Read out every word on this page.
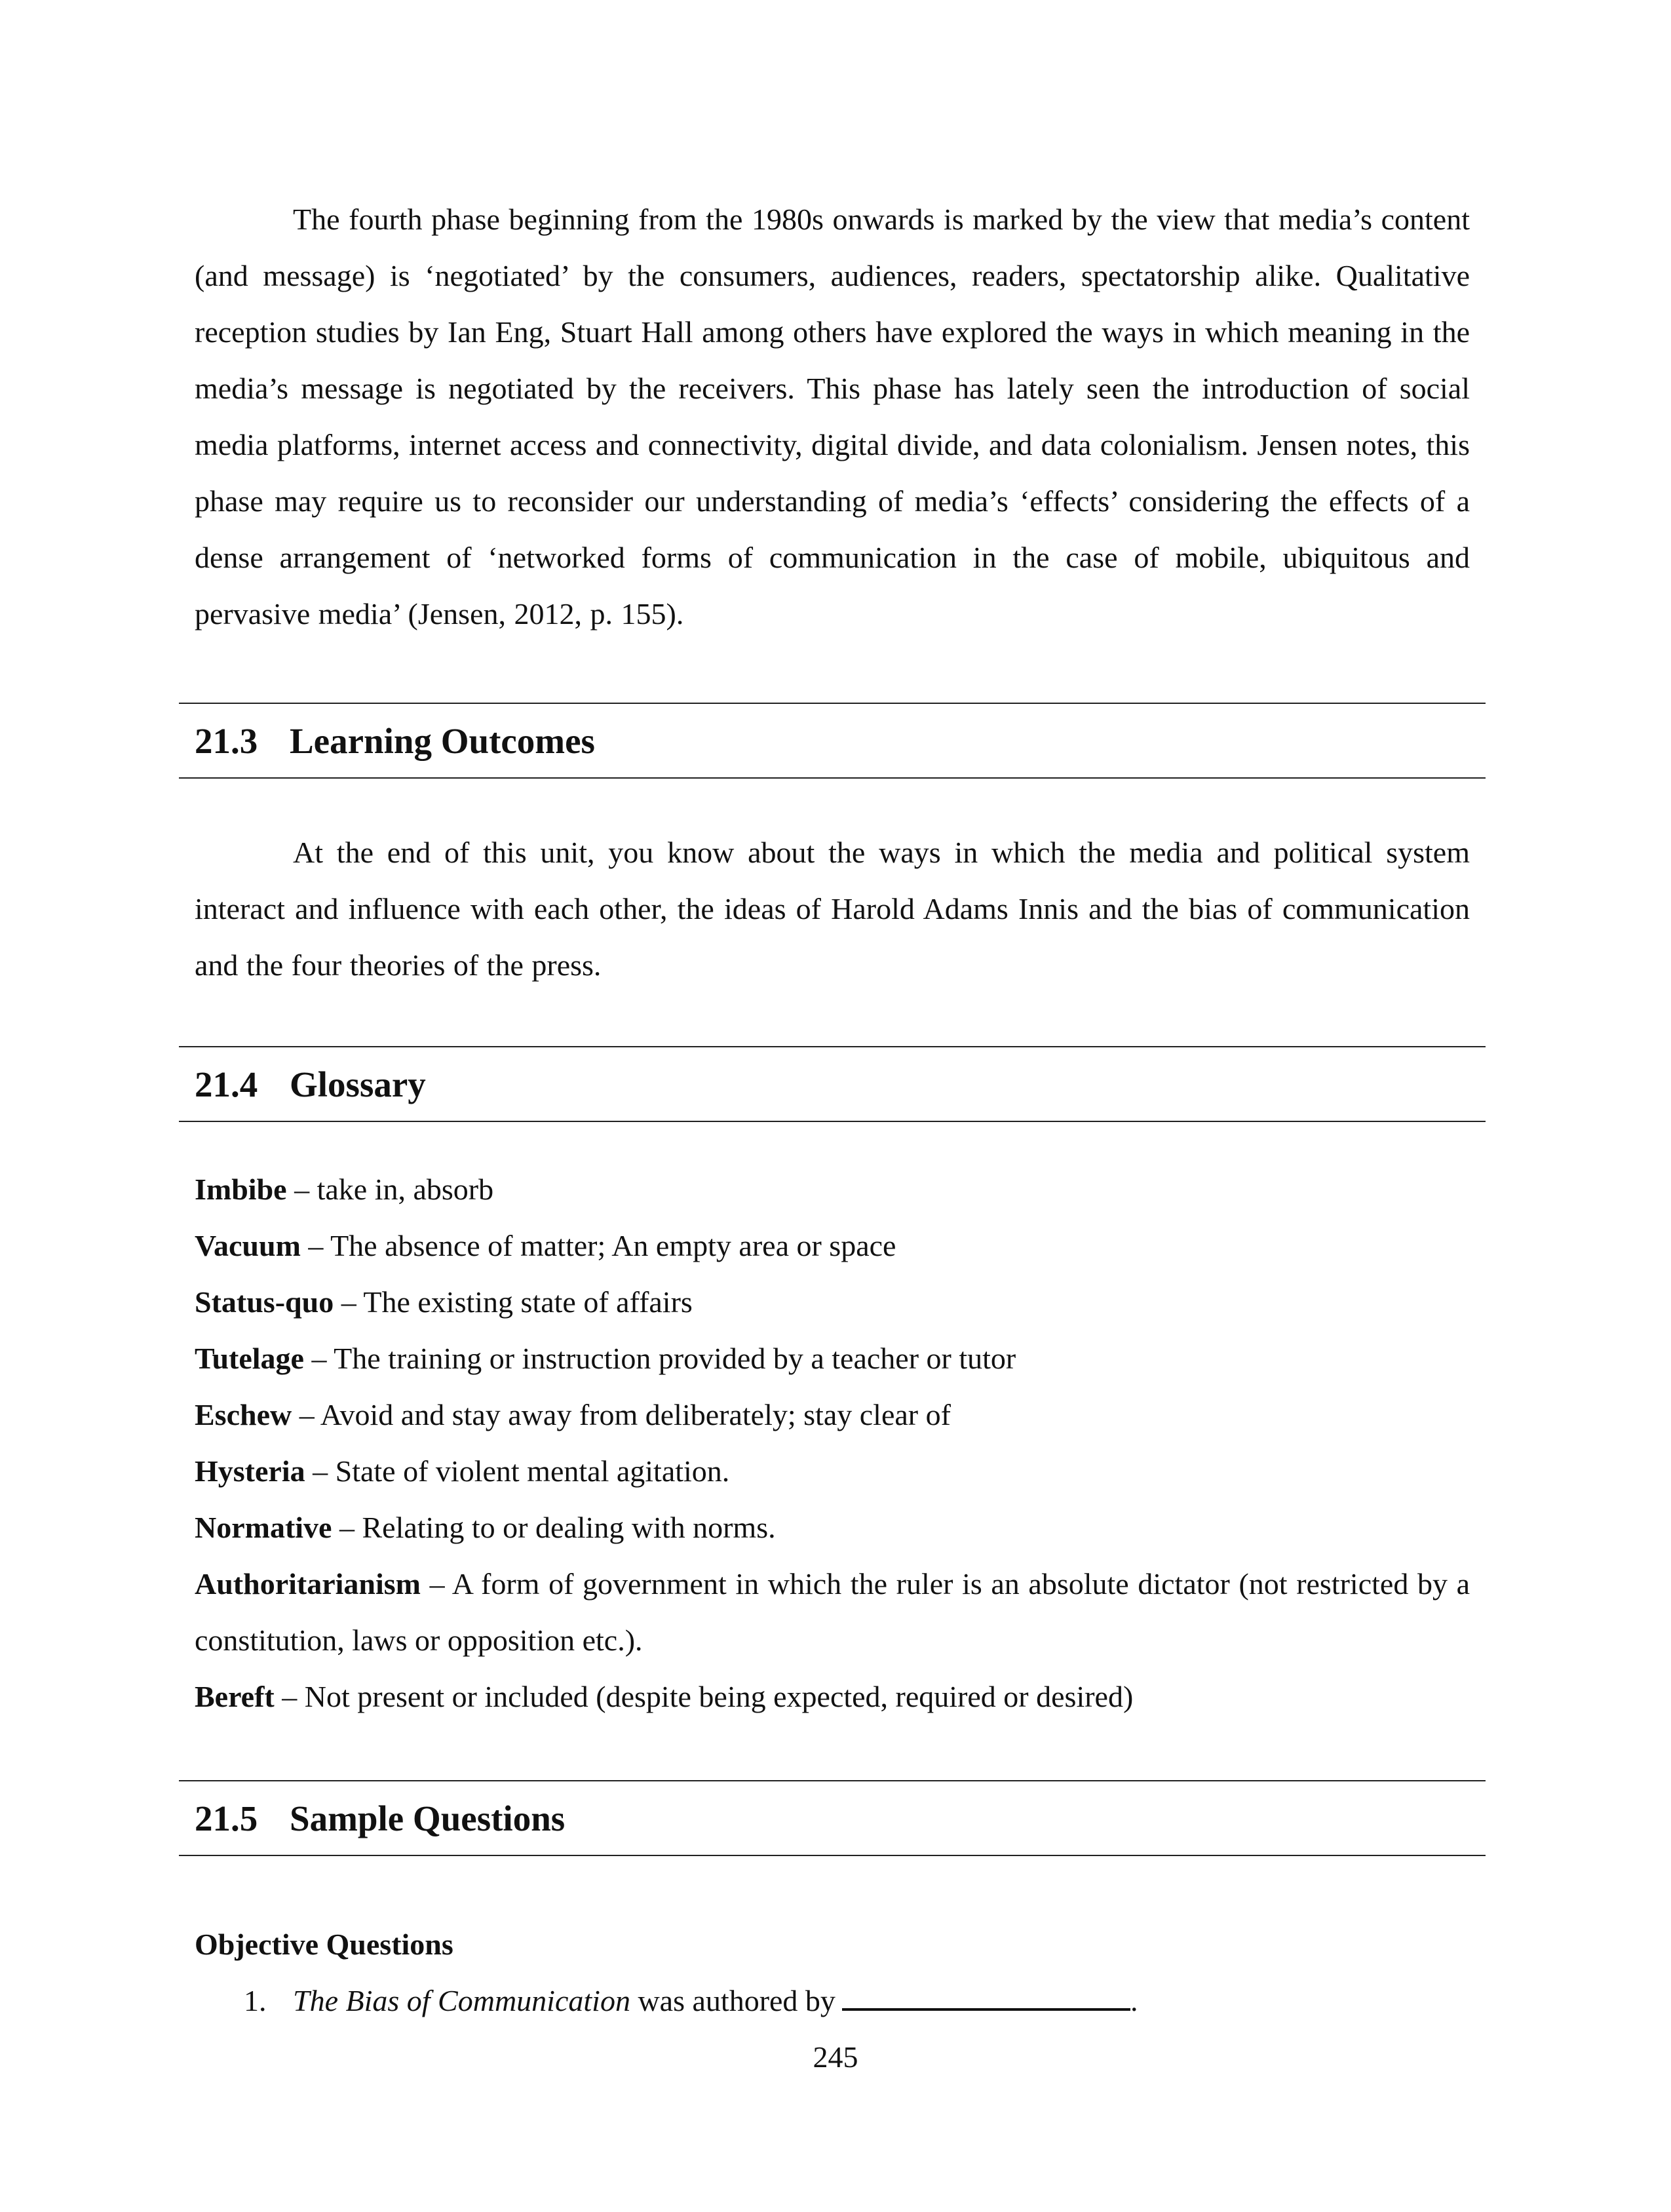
The fourth phase beginning from the 1980s onwards is marked by the view that media’s content (and message) is ‘negotiated’ by the consumers, audiences, readers, spectatorship alike. Qualitative reception studies by Ian Eng, Stuart Hall among others have explored the ways in which meaning in the media’s message is negotiated by the receivers. This phase has lately seen the introduction of social media platforms, internet access and connectivity, digital divide, and data colonialism. Jensen notes, this phase may require us to reconsider our understanding of media’s ‘effects’ considering the effects of a dense arrangement of ‘networked forms of communication in the case of mobile, ubiquitous and pervasive media’ (Jensen, 2012, p. 155).

21.3 Learning Outcomes

At the end of this unit, you know about the ways in which the media and political system interact and influence with each other, the ideas of Harold Adams Innis and the bias of communication and the four theories of the press.

21.4 Glossary

Imbibe – take in, absorb

Vacuum – The absence of matter; An empty area or space

Status-quo – The existing state of affairs

Tutelage – The training or instruction provided by a teacher or tutor

Eschew – Avoid and stay away from deliberately; stay clear of

Hysteria – State of violent mental agitation.

Normative – Relating to or dealing with norms.

Authoritarianism – A form of government in which the ruler is an absolute dictator (not restricted by a constitution, laws or opposition etc.).

Bereft – Not present or included (despite being expected, required or desired)

21.5 Sample Questions

Objective Questions

1. The Bias of Communication was authored by	.
245
